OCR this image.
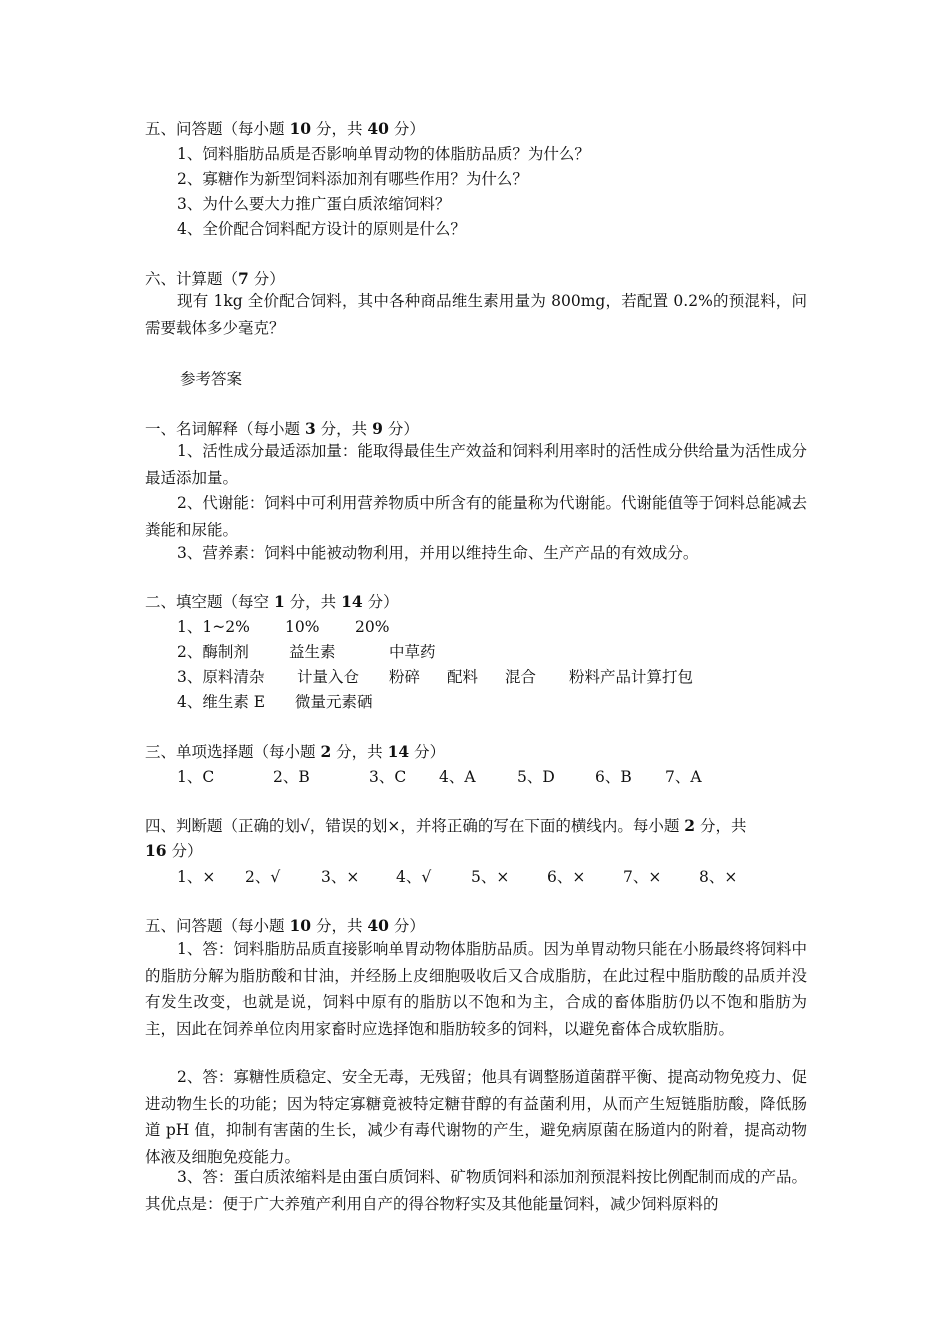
五、问答题（每小题 10 分，共 40 分）
1、饲料脂肪品质是否影响单胃动物的体脂肪品质？为什么？
2、寡糖作为新型饲料添加剂有哪些作用？为什么？
3、为什么要大力推广蛋白质浓缩饲料？
4、全价配合饲料配方设计的原则是什么？
六、计算题（7 分）
现有 1kg 全价配合饲料，其中各种商品维生素用量为 800mg，若配置 0.2%的预混料，问需要载体多少毫克？
参考答案
一、名词解释（每小题 3 分，共 9 分）
1、活性成分最适添加量：能取得最佳生产效益和饲料利用率时的活性成分供给量为活性成分最适添加量。
2、代谢能：饲料中可利用营养物质中所含有的能量称为代谢能。代谢能值等于饲料总能减去粪能和尿能。
3、营养素：饲料中能被动物利用，并用以维持生命、生产产品的有效成分。
二、填空题（每空 1 分，共 14 分）
1、1~2% 10% 20%
2、酶制剂	益生素	中草药
3、原料清杂 计量入仓 粉碎 配料 混合 粉料产品计算打包
4、维生素 E 微量元素硒
三、单项选择题（每小题 2 分，共 14 分）
1、C	2、B	3、C 4、A	5、D	6、B 7、A
四、判断题（正确的划√，错误的划×，并将正确的写在下面的横线内。每小题 2 分，共
16 分）
1、× 2、√	3、× 4、√	5、× 6、× 7、× 8、×
五、问答题（每小题 10 分，共 40 分）
1、答：饲料脂肪品质直接影响单胃动物体脂肪品质。因为单胃动物只能在小肠最终将饲料中的脂肪分解为脂肪酸和甘油，并经肠上皮细胞吸收后又合成脂肪，在此过程中脂肪酸的品质并没有发生改变，也就是说，饲料中原有的脂肪以不饱和为主，合成的畜体脂肪仍以不饱和脂肪为主，因此在饲养单位肉用家畜时应选择饱和脂肪较多的饲料，以避免畜体合成软脂肪。
2、答：寡糖性质稳定、安全无毒，无残留；他具有调整肠道菌群平衡、提高动物免疫力、促进动物生长的功能；因为特定寡糖竟被特定糖苷醇的有益菌利用，从而产生短链脂肪酸，降低肠道 pH 值，抑制有害菌的生长，减少有毒代谢物的产生，避免病原菌在肠道内的附着，提高动物体液及细胞免疫能力。
3、答：蛋白质浓缩料是由蛋白质饲料、矿物质饲料和添加剂预混料按比例配制而成的产品。其优点是：便于广大养殖产利用自产的得谷物籽实及其他能量饲料，减少饲料原料的
